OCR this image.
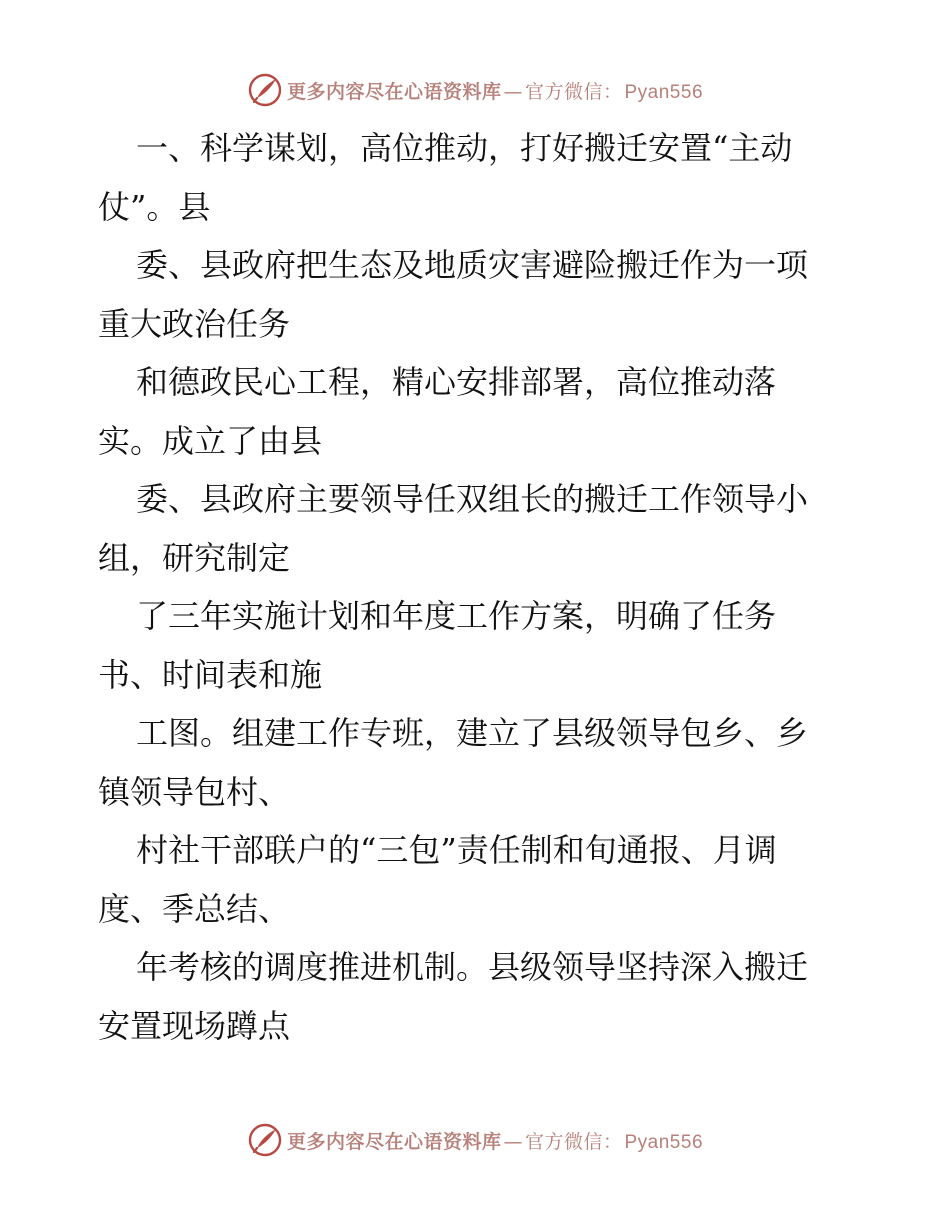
更多内容尽在心语资料库 — 官方微信： Pyan556

一、科学谋划，高位推动，打好搬迁安置“主动

仗”。县

委、县政府把生态及地质灾害避险搬迁作为一项

重大政治任务

和德政民心工程，精心安排部署，高位推动落

实。成立了由县

委、县政府主要领导任双组长的搬迁工作领导小

组，研究制定

了三年实施计划和年度工作方案，明确了任务

书、时间表和施

工图。组建工作专班，建立了县级领导包乡、乡

镇领导包村、

村社干部联户的“三包”责任制和旬通报、月调

度、季总结、

年考核的调度推进机制。县级领导坚持深入搬迁

安置现场蹲点

更多内容尽在心语资料库 — 官方微信： Pyan556
